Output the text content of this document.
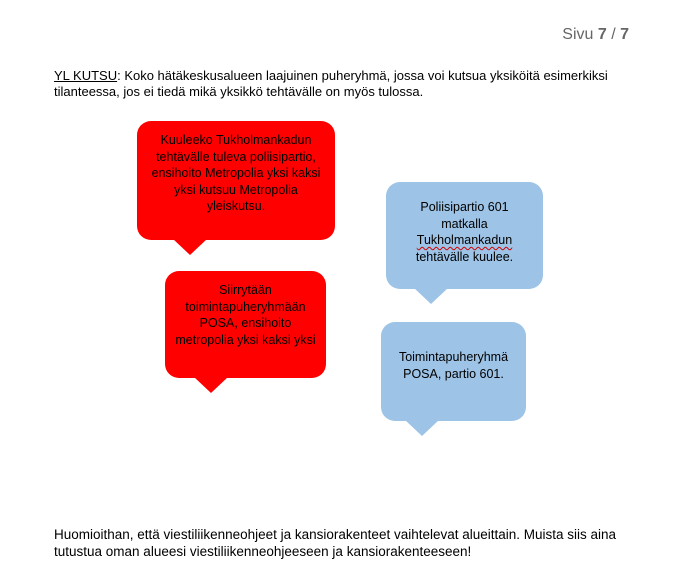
Sivu 7 / 7
YL KUTSU: Koko hätäkeskusalueen laajuinen puheryhmä, jossa voi kutsua yksiköitä esimerkiksi tilanteessa, jos ei tiedä mikä yksikkö tehtävälle on myös tulossa.
Kuuleeko Tukholmankadun tehtävälle tuleva poliisipartio, ensihoito Metropolia yksi kaksi yksi kutsuu Metropolia yleiskutsu.
Siirrytään toimintapuheryhmään POSA, ensihoito metropolia yksi kaksi yksi
Poliisipartio 601 matkalla Tukholmankadun tehtävälle kuulee.
Toimintapuheryhmä POSA, partio 601.
Huomioithan, että viestiliikenneohjeet ja kansiorakenteet vaihtelevat alueittain. Muista siis aina tutustua oman alueesi viestiliikenneohjeeseen ja kansiorakenteeseen!
